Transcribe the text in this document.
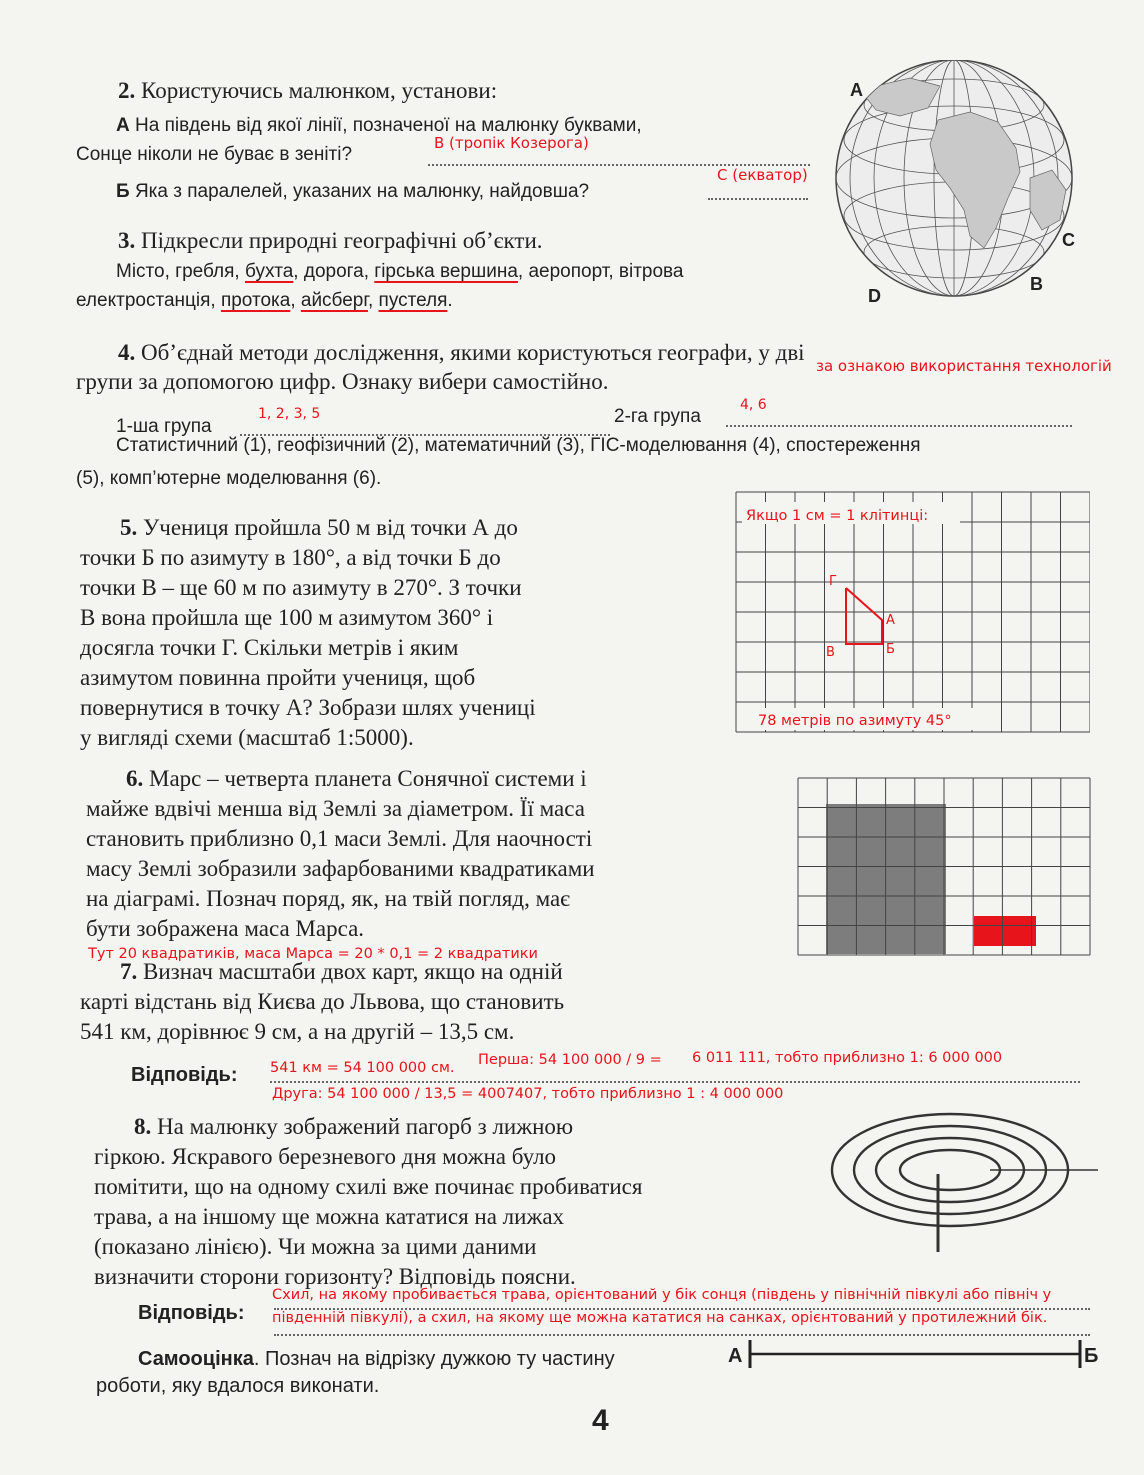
2. Користуючись малюнком, установи:
А На південь від якої лінії, позначеної на малюнку буквами,
Сонце ніколи не буває в зеніті?
В (тропік Козерога)
Б Яка з паралелей, указаних на малюнку, найдовша?
С (екватор)
A
C
B
D
3. Підкресли природні географічні об’єкти.
Місто, гребля, бухта, дорога, гірська вершина, аеропорт, вітрова
електростанція, протока, айсберг, пустеля.
4. Об’єднай методи дослідження, якими користуються географи, у дві
групи за допомогою цифр. Ознаку вибери самостійно.
за ознакою використання технологій
1-ша група
1, 2, 3, 5	2-га група
4, 6
Статистичний (1), геофізичний (2), математичний (3), ГІС-моделювання (4), спостереження
(5), комп’ютерне моделювання (6).
5. Учениця пройшла 50 м від точки А до
точки Б по азимуту в 180°, а від точки Б до
точки В – ще 60 м по азимуту в 270°. З точки
В вона пройшла ще 100 м азимутом 360° і
досягла точки Г. Скільки метрів і яким
азимутом повинна пройти учениця, щоб
повернутися в точку А? Зобрази шлях учениці
у вигляді схеми (масштаб 1:5000).
Якщо 1 см = 1 клітинці:
Г
А
В	Б
78 метрів по азимуту 45°
6. Марс – четверта планета Сонячної системи і
майже вдвічі менша від Землі за діаметром. Її маса
становить приблизно 0,1 маси Землі. Для наочності
масу Землі зобразили зафарбованими квадратиками
на діаграмі. Познач поряд, як, на твій погляд, має
бути зображена маса Марса.
Тут 20 квадратиків, маса Марса = 20 * 0,1 = 2 квадратики
7. Визнач масштаби двох карт, якщо на одній
карті відстань від Києва до Львова, що становить
541 км, дорівнює 9 см, а на другій – 13,5 см.
Відповідь: 541 км = 54 100 000 см. Перша: 54 100 000 / 9 = 6 011 111, тобто приблизно 1: 6 000 000
Друга: 54 100 000 / 13,5 = 4007407, тобто приблизно 1 : 4 000 000
8. На малюнку зображений пагорб з лижною
гіркою. Яскравого березневого дня можна було
помітити, що на одному схилі вже починає пробиватися
трава, а на іншому ще можна кататися на лижах
(показано лінією). Чи можна за цими даними
визначити сторони горизонту? Відповідь поясни.
Відповідь:
Схил, на якому пробивається трава, орієнтований у бік сонця (південь у північній півкулі або північ у
південній півкулі), а схил, на якому ще можна кататися на санках, орієнтований у протилежний бік.
Самооцінка. Познач на відрізку дужкою ту частину
роботи, яку вдалося виконати.
А	Б
4
